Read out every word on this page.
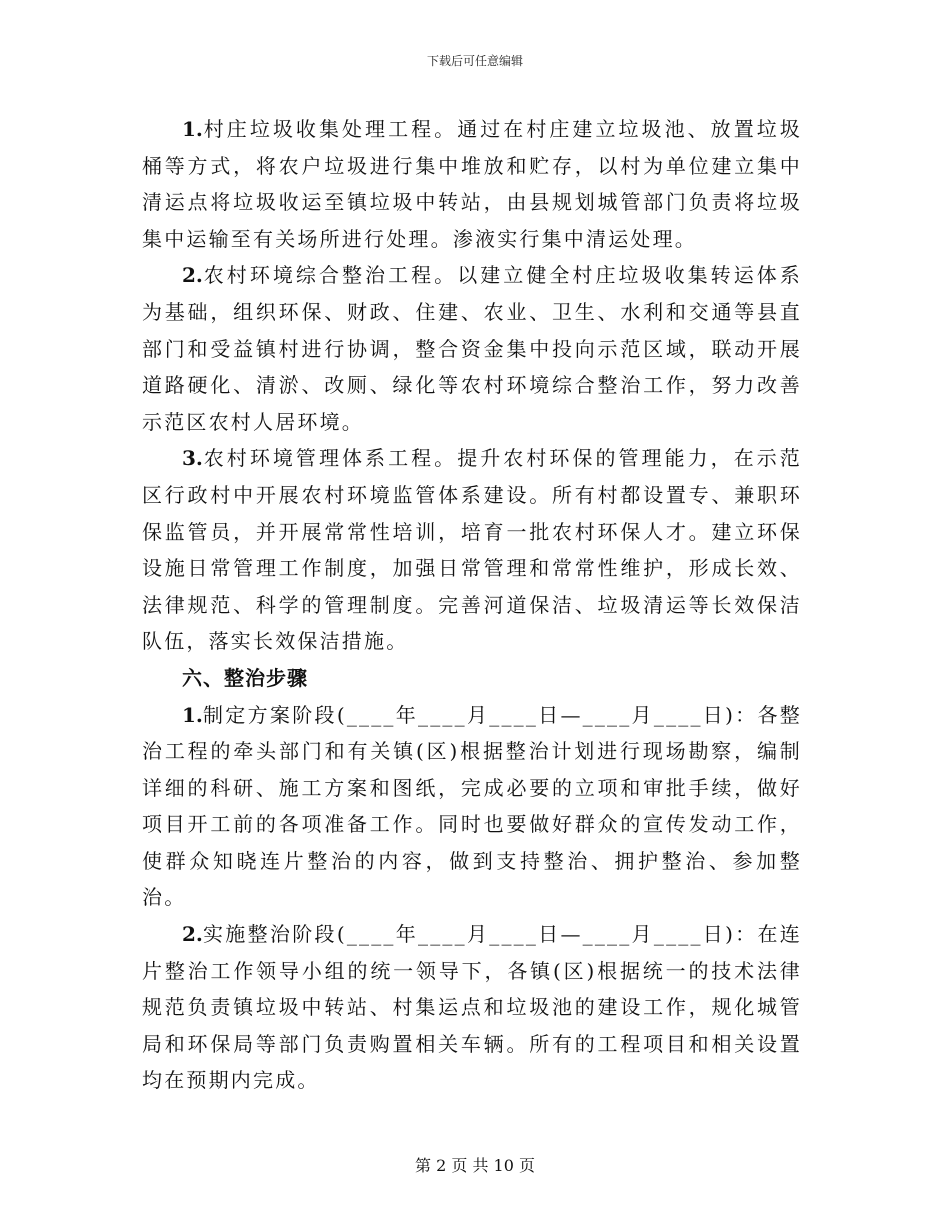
下载后可任意编辑

1.村庄垃圾收集处理工程。通过在村庄建立垃圾池、放置垃圾桶等方式，将农户垃圾进行集中堆放和贮存，以村为单位建立集中清运点将垃圾收运至镇垃圾中转站，由县规划城管部门负责将垃圾集中运输至有关场所进行处理。渗液实行集中清运处理。

2.农村环境综合整治工程。以建立健全村庄垃圾收集转运体系为基础，组织环保、财政、住建、农业、卫生、水利和交通等县直部门和受益镇村进行协调，整合资金集中投向示范区域，联动开展道路硬化、清淤、改厕、绿化等农村环境综合整治工作，努力改善示范区农村人居环境。

3.农村环境管理体系工程。提升农村环保的管理能力，在示范区行政村中开展农村环境监管体系建设。所有村都设置专、兼职环保监管员，并开展常常性培训，培育一批农村环保人才。建立环保设施日常管理工作制度，加强日常管理和常常性维护，形成长效、法律规范、科学的管理制度。完善河道保洁、垃圾清运等长效保洁队伍，落实长效保洁措施。

六、整治步骤

1.制定方案阶段(____年____月____日—____月____日)：各整治工程的牵头部门和有关镇(区)根据整治计划进行现场勘察，编制详细的科研、施工方案和图纸，完成必要的立项和审批手续，做好项目开工前的各项准备工作。同时也要做好群众的宣传发动工作，使群众知晓连片整治的内容，做到支持整治、拥护整治、参加整治。

2.实施整治阶段(____年____月____日—____月____日)：在连片整治工作领导小组的统一领导下，各镇(区)根据统一的技术法律规范负责镇垃圾中转站、村集运点和垃圾池的建设工作，规化城管局和环保局等部门负责购置相关车辆。所有的工程项目和相关设置均在预期内完成。

第 2 页 共 10 页
